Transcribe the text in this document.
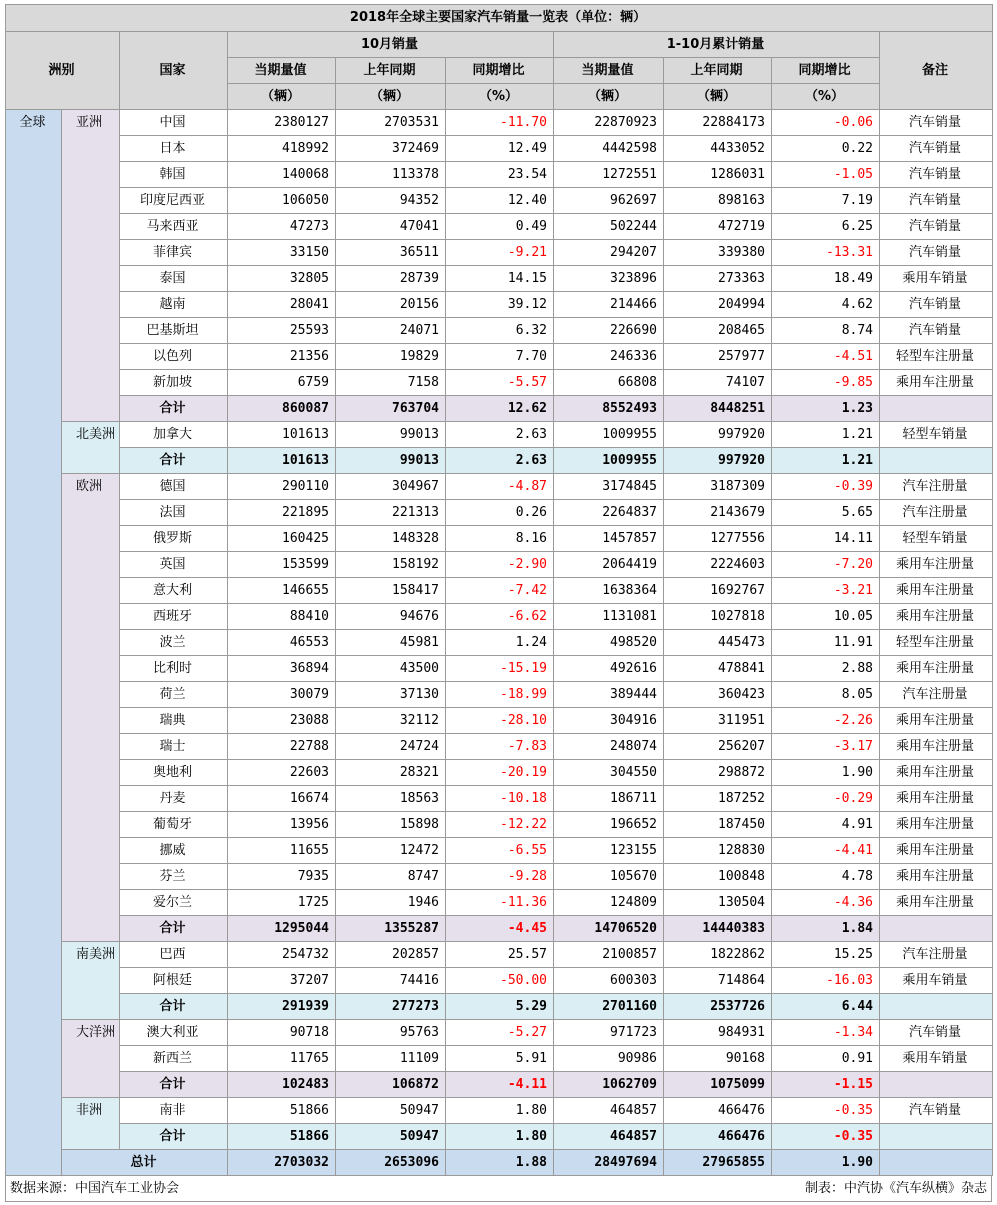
2018年全球主要国家汽车销量一览表（单位：辆）									
洲别		国家	10月销量			1-10月累计销量			备注
			当期量值	上年同期	同期增比	当期量值	上年同期	同期增比	
			（辆）	（辆）	（%）	（辆）	（辆）	（%）	
全球	亚洲	中国	2380127	2703531	-11.70	22870923	22884173	-0.06	汽车销量
		日本	418992	372469	12.49	4442598	4433052	0.22	汽车销量
		韩国	140068	113378	23.54	1272551	1286031	-1.05	汽车销量
		印度尼西亚	106050	94352	12.40	962697	898163	7.19	汽车销量
		马来西亚	47273	47041	0.49	502244	472719	6.25	汽车销量
		菲律宾	33150	36511	-9.21	294207	339380	-13.31	汽车销量
		泰国	32805	28739	14.15	323896	273363	18.49	乘用车销量
		越南	28041	20156	39.12	214466	204994	4.62	汽车销量
		巴基斯坦	25593	24071	6.32	226690	208465	8.74	汽车销量
		以色列	21356	19829	7.70	246336	257977	-4.51	轻型车注册量
		新加坡	6759	7158	-5.57	66808	74107	-9.85	乘用车注册量
		合计	860087	763704	12.62	8552493	8448251	1.23	
	北美洲	加拿大	101613	99013	2.63	1009955	997920	1.21	轻型车销量
		合计	101613	99013	2.63	1009955	997920	1.21	
	欧洲	德国	290110	304967	-4.87	3174845	3187309	-0.39	汽车注册量
		法国	221895	221313	0.26	2264837	2143679	5.65	汽车注册量
		俄罗斯	160425	148328	8.16	1457857	1277556	14.11	轻型车销量
		英国	153599	158192	-2.90	2064419	2224603	-7.20	乘用车注册量
		意大利	146655	158417	-7.42	1638364	1692767	-3.21	乘用车注册量
		西班牙	88410	94676	-6.62	1131081	1027818	10.05	乘用车注册量
		波兰	46553	45981	1.24	498520	445473	11.91	轻型车注册量
		比利时	36894	43500	-15.19	492616	478841	2.88	乘用车注册量
		荷兰	30079	37130	-18.99	389444	360423	8.05	汽车注册量
		瑞典	23088	32112	-28.10	304916	311951	-2.26	乘用车注册量
		瑞士	22788	24724	-7.83	248074	256207	-3.17	乘用车注册量
		奥地利	22603	28321	-20.19	304550	298872	1.90	乘用车注册量
		丹麦	16674	18563	-10.18	186711	187252	-0.29	乘用车注册量
		葡萄牙	13956	15898	-12.22	196652	187450	4.91	乘用车注册量
		挪威	11655	12472	-6.55	123155	128830	-4.41	乘用车注册量
		芬兰	7935	8747	-9.28	105670	100848	4.78	乘用车注册量
		爱尔兰	1725	1946	-11.36	124809	130504	-4.36	乘用车注册量
		合计	1295044	1355287	-4.45	14706520	14440383	1.84	
	南美洲	巴西	254732	202857	25.57	2100857	1822862	15.25	汽车注册量
		阿根廷	37207	74416	-50.00	600303	714864	-16.03	乘用车销量
		合计	291939	277273	5.29	2701160	2537726	6.44	
	大洋洲	澳大利亚	90718	95763	-5.27	971723	984931	-1.34	汽车销量
		新西兰	11765	11109	5.91	90986	90168	0.91	乘用车销量
		合计	102483	106872	-4.11	1062709	1075099	-1.15	
	非洲	南非	51866	50947	1.80	464857	466476	-0.35	汽车销量
		合计	51866	50947	1.80	464857	466476	-0.35	
	总计		2703032	2653096	1.88	28497694	27965855	1.90	
数据来源：中国汽车工业协会	制表：中汽协《汽车纵横》杂志
